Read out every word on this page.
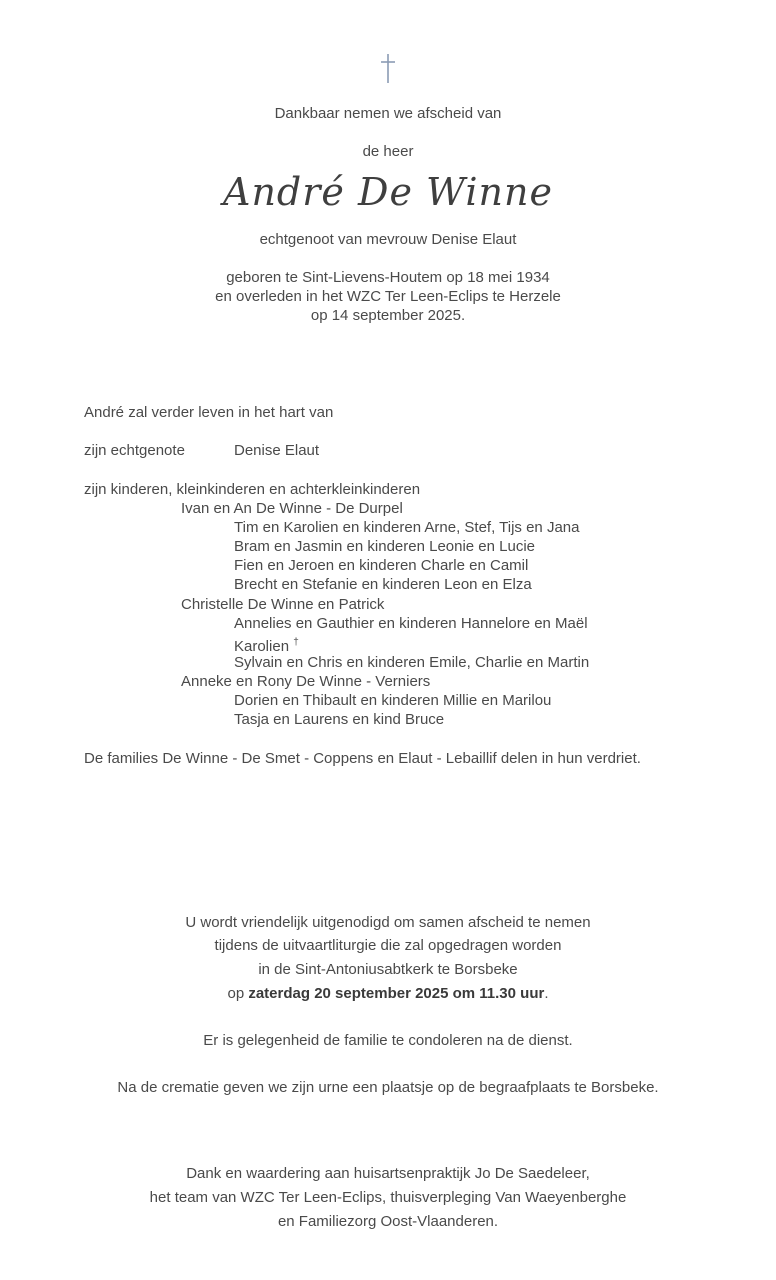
Dankbaar nemen we afscheid van
de heer
André De Winne
echtgenoot van mevrouw Denise Elaut
geboren te Sint-Lievens-Houtem op 18 mei 1934
en overleden in het WZC Ter Leen-Eclips te Herzele
op 14 september 2025.
André zal verder leven in het hart van
zijn echtgenote	Denise Elaut
zijn kinderen, kleinkinderen en achterkleinkinderen
Ivan en An De Winne - De Durpel
Tim en Karolien en kinderen Arne, Stef, Tijs en Jana
Bram en Jasmin en kinderen Leonie en Lucie
Fien en Jeroen en kinderen Charle en Camil
Brecht en Stefanie en kinderen Leon en Elza
Christelle De Winne en Patrick
Annelies en Gauthier en kinderen Hannelore en Maël
Karolien †
Sylvain en Chris en kinderen Emile, Charlie en Martin
Anneke en Rony De Winne - Verniers
Dorien en Thibault en kinderen Millie en Marilou
Tasja en Laurens en kind Bruce
De families De Winne - De Smet - Coppens en Elaut - Lebaillif delen in hun verdriet.
U wordt vriendelijk uitgenodigd om samen afscheid te nemen
tijdens de uitvaartliturgie die zal opgedragen worden
in de Sint-Antoniusabtkerk te Borsbeke
op zaterdag 20 september 2025 om 11.30 uur.
Er is gelegenheid de familie te condoleren na de dienst.
Na de crematie geven we zijn urne een plaatsje op de begraafplaats te Borsbeke.
Dank en waardering aan huisartsenpraktijk Jo De Saedeleer,
het team van WZC Ter Leen-Eclips, thuisverpleging Van Waeyenberghe
en Familiezorg Oost-Vlaanderen.
